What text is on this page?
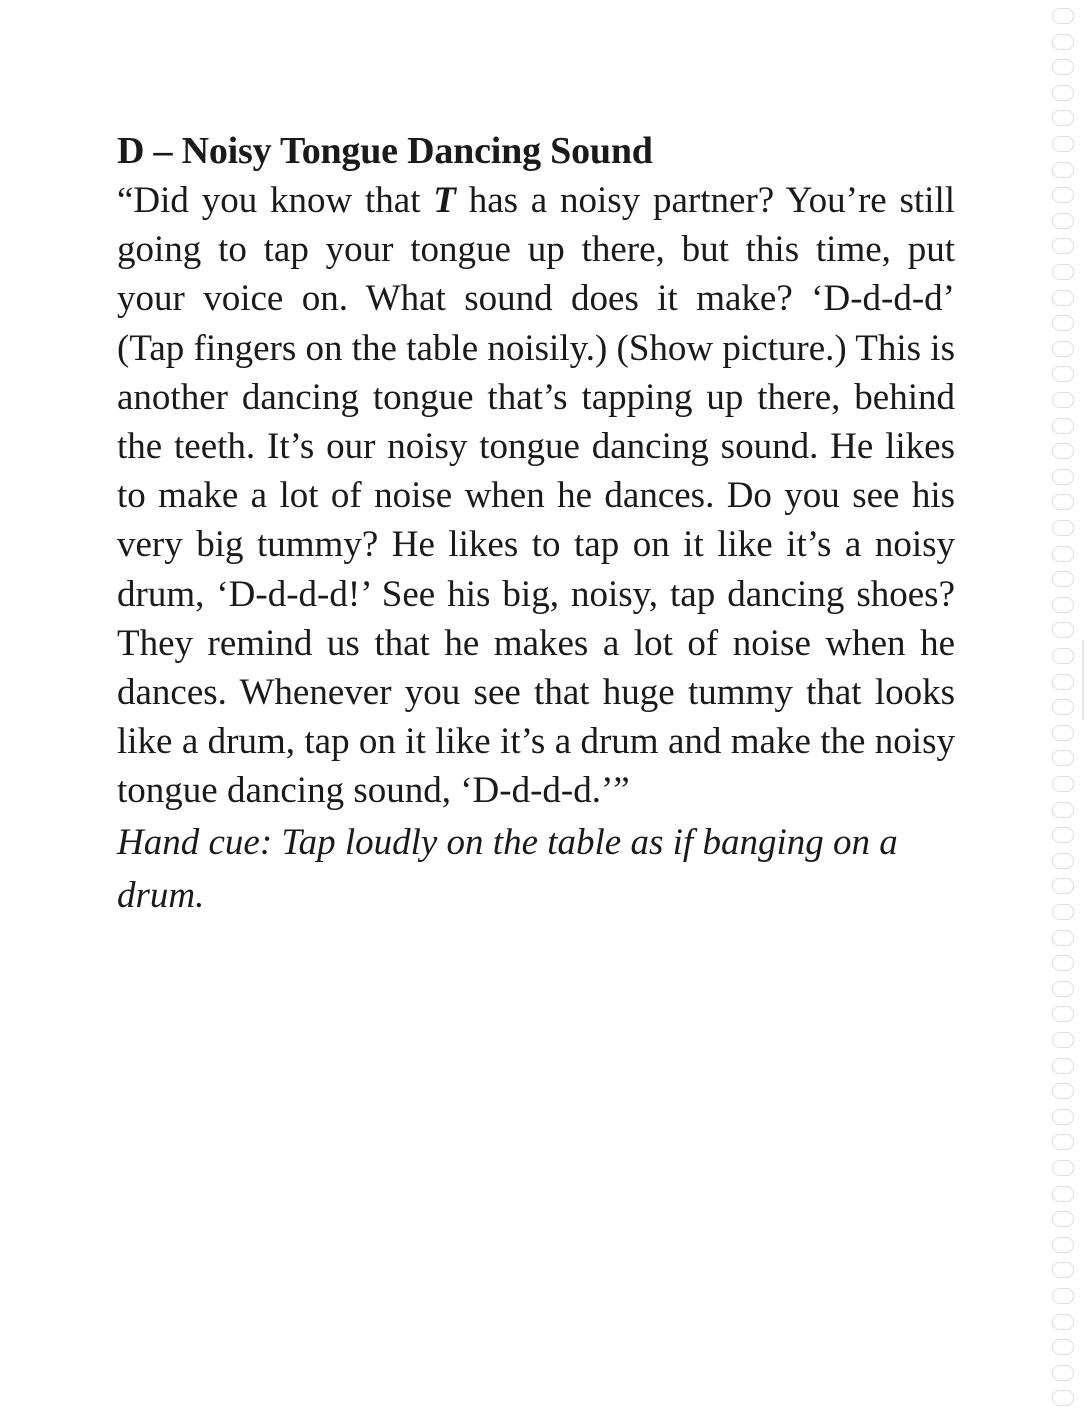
D – Noisy Tongue Dancing Sound

“Did you know that T has a noisy partner? You’re still going to tap your tongue up there, but this time, put your voice on. What sound does it make? ‘D-d-d-d’ (Tap fingers on the table noisily.) (Show picture.) This is another dancing tongue that’s tapping up there, behind the teeth. It’s our noisy tongue dancing sound. He likes to make a lot of noise when he dances. Do you see his very big tummy? He likes to tap on it like it’s a noisy drum, ‘D-d-d-d!’ See his big, noisy, tap dancing shoes? They remind us that he makes a lot of noise when he dances. Whenever you see that huge tummy that looks like a drum, tap on it like it’s a drum and make the noisy tongue dancing sound, ‘D-d-d-d.’”

Hand cue: Tap loudly on the table as if banging on a drum.
